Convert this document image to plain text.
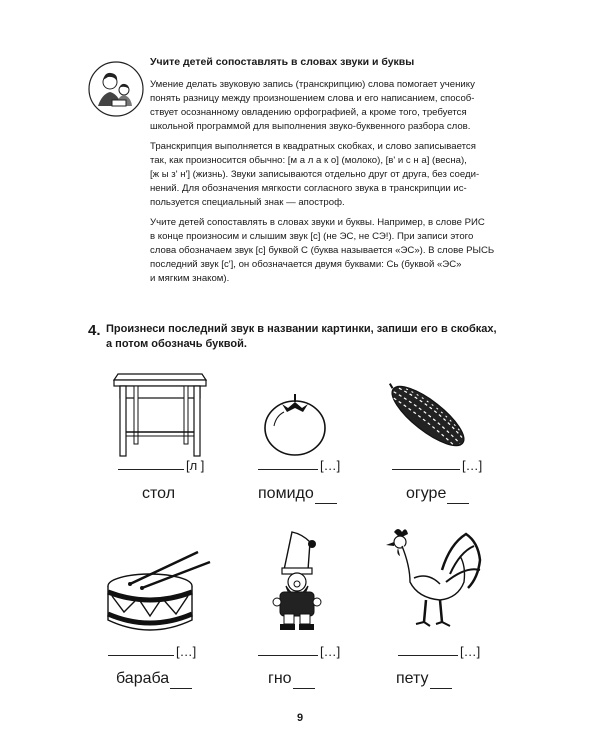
Учите детей сопоставлять в словах звуки и буквы
Умение делать звуковую запись (транскрипцию) слова помогает ученику
понять разницу между произношением слова и его написанием, способ-
ствует осознанному овладению орфографией, а кроме того, требуется
школьной программой для выполнения звуко-буквенного разбора слов.
Транскрипция выполняется в квадратных скобках, и слово записывается
так, как произносится обычно: [м а л а к о] (молоко), [в' и с н а] (весна),
[ж ы з' н'] (жизнь). Звуки записываются отдельно друг от друга, без соеди-
нений. Для обозначения мягкости согласного звука в транскрипции ис-
пользуется специальный знак — апостроф.
Учите детей сопоставлять в словах звуки и буквы. Например, в слове РИС
в конце произносим и слышим звук [с] (не ЭС, не СЭ!). При записи этого
слова обозначаем звук [с] буквой С (буква называется «ЭС»). В слове РЫСЬ
последний звук [с'], он обозначается двумя буквами: Сь (буквой «ЭС»
и мягким знаком).
4. Произнеси последний звук в названии картинки, запиши его в скобках,
а потом обозначь буквой.
[л ]	[…]	[…]
стол	помидо	огуре
[…]	[…]	[…]
бараба	гно	пету
9
